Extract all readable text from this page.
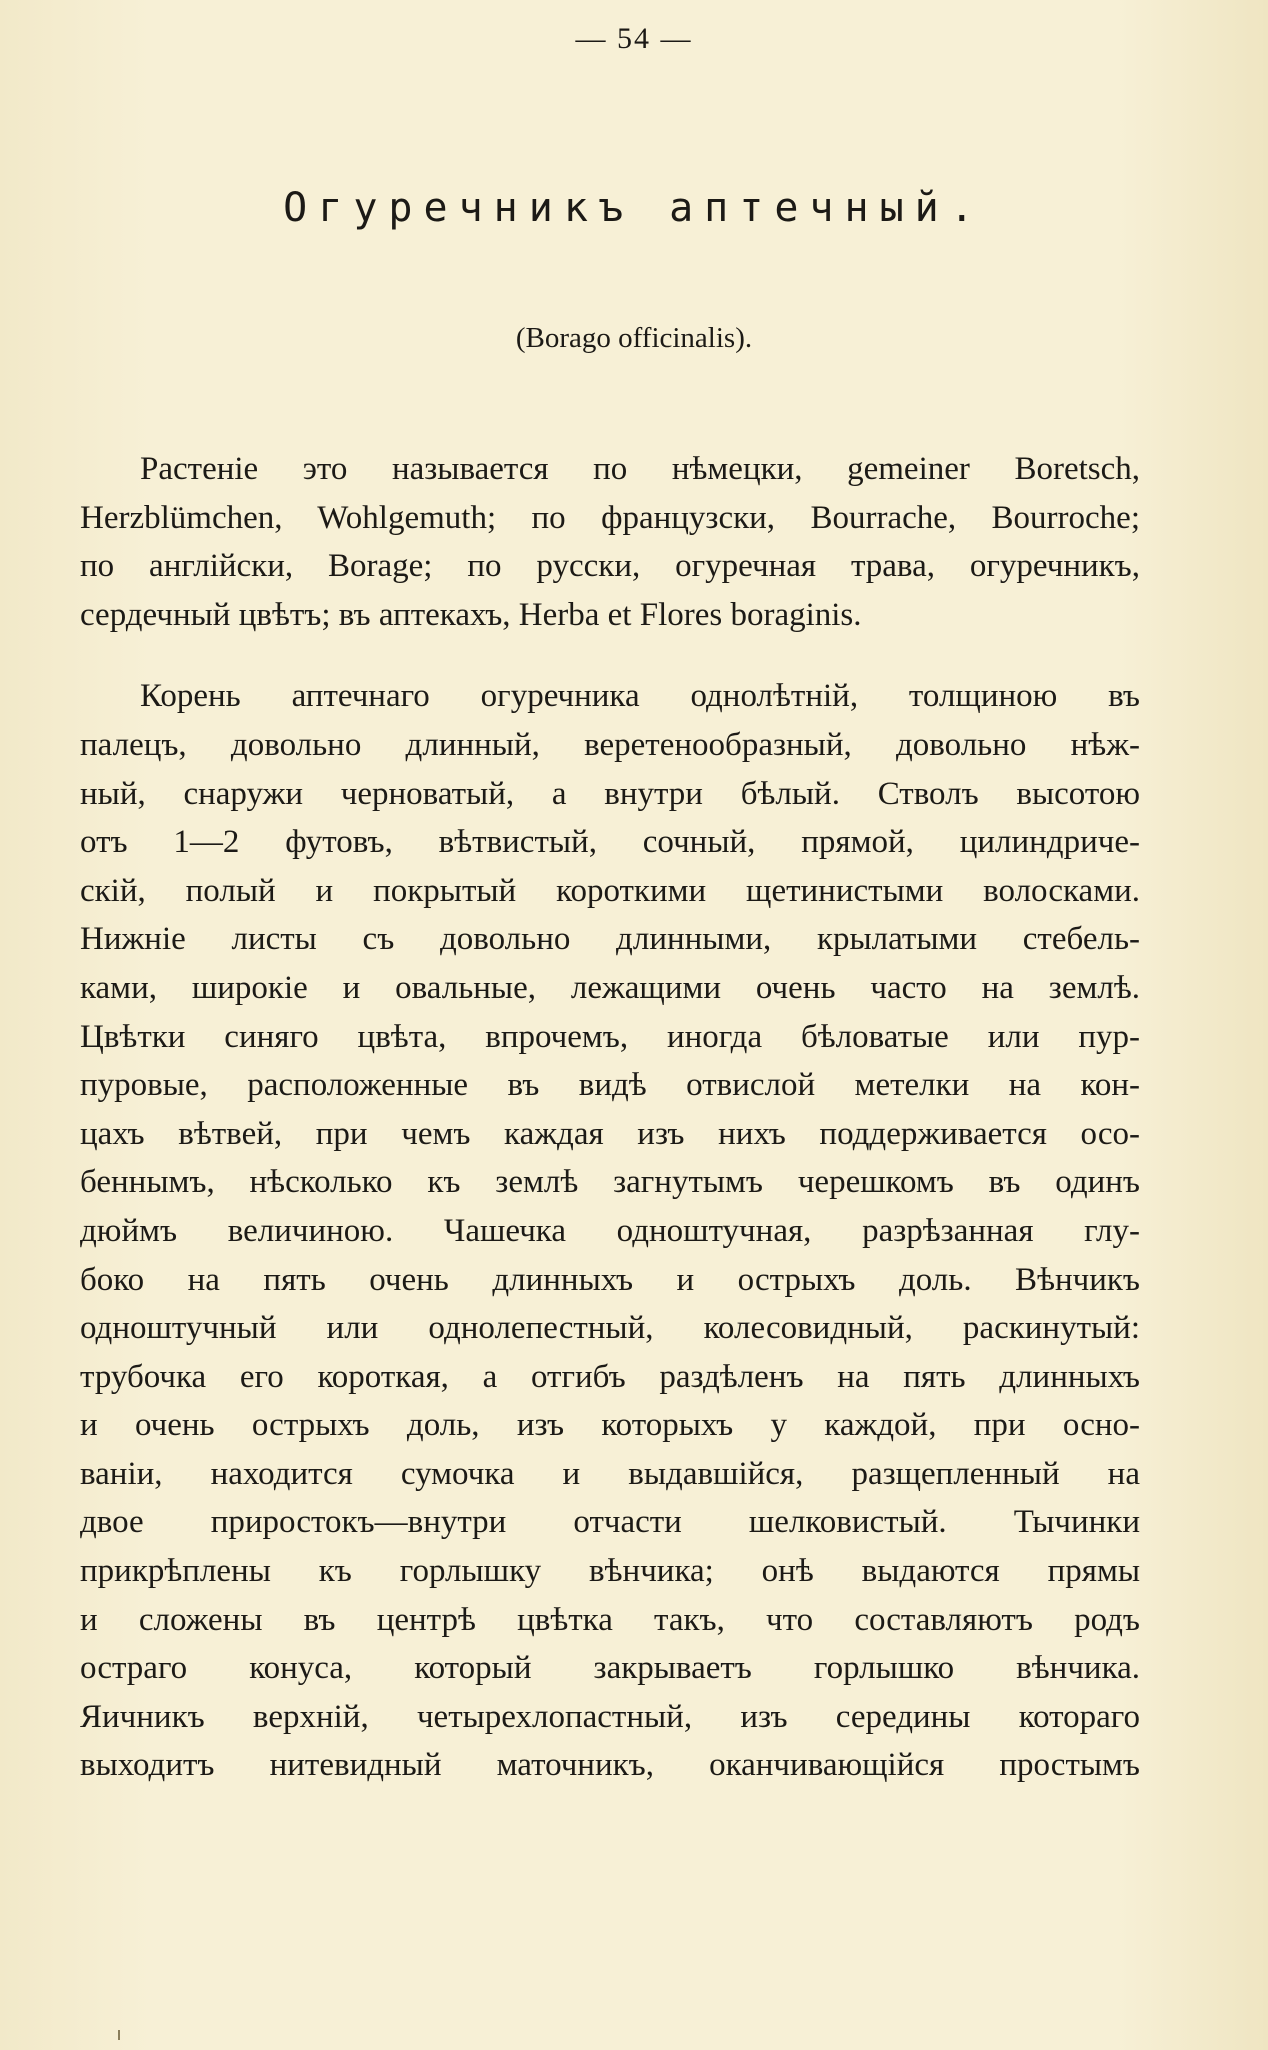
— 54 —
Огуречникъ аптечный.
(Borago officinalis).

Растеніе это называется по нѣмецки, gemeiner Boretsch,
Herzblümchen, Wohlgemuth; по французски, Bourrache, Bourroche;
по англійски, Borage; по русски, огуречная трава, огуречникъ,
сердечный цвѣтъ; въ аптекахъ, Herba et Flores boraginis.

Корень аптечнаго огуречника однолѣтній, толщиною въ
палецъ, довольно длинный, веретенообразный, довольно нѣж-
ный, снаружи черноватый, а внутри бѣлый. Стволъ высотою
отъ 1—2 футовъ, вѣтвистый, сочный, прямой, цилиндриче-
скій, полый и покрытый короткими щетинистыми волосками.
Нижніе листы съ довольно длинными, крылатыми стебель-
ками, широкіе и овальные, лежащими очень часто на землѣ.
Цвѣтки синяго цвѣта, впрочемъ, иногда бѣловатые или пур-
пуровые, расположенные въ видѣ отвислой метелки на кон-
цахъ вѣтвей, при чемъ каждая изъ нихъ поддерживается осо-
беннымъ, нѣсколько къ землѣ загнутымъ черешкомъ въ одинъ
дюймъ величиною. Чашечка одноштучная, разрѣзанная глу-
боко на пять очень длинныхъ и острыхъ доль. Вѣнчикъ
одноштучный или однолепестный, колесовидный, раскинутый:
трубочка его короткая, а отгибъ раздѣленъ на пять длинныхъ
и очень острыхъ доль, изъ которыхъ у каждой, при осно-
ваніи, находится сумочка и выдавшійся, разщепленный на
двое приростокъ—внутри отчасти шелковистый. Тычинки
прикрѣплены къ горлышку вѣнчика; онѣ выдаются прямы
и сложены въ центрѣ цвѣтка такъ, что составляютъ родъ
остраго конуса, который закрываетъ горлышко вѣнчика.
Яичникъ верхній, четырехлопастный, изъ середины котораго
выходитъ нитевидный маточникъ, оканчивающійся простымъ
